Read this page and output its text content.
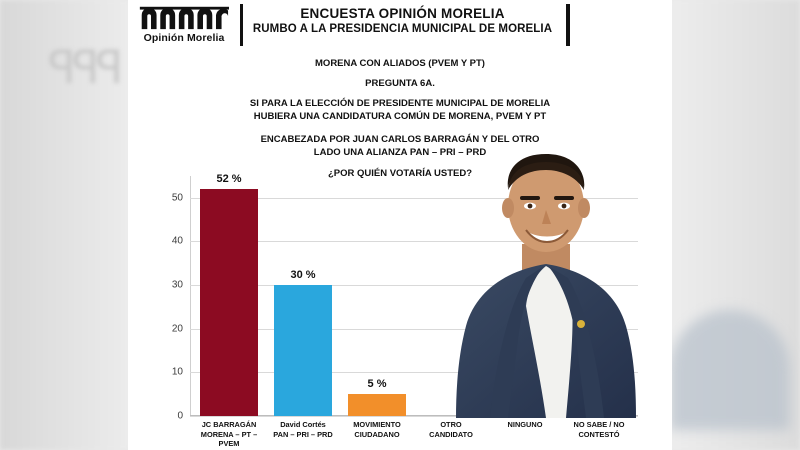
ꟼꟼꟼ
Opinión Morelia
ENCUESTA OPINIÓN MORELIA
RUMBO A LA PRESIDENCIA MUNICIPAL DE MORELIA
MORENA CON ALIADOS (PVEM Y PT)
PREGUNTA 6A.
SI PARA LA ELECCIÓN DE PRESIDENTE MUNICIPAL DE MORELIA
HUBIERA UNA CANDIDATURA COMÚN DE MORENA, PVEM Y PT
ENCABEZADA POR JUAN CARLOS BARRAGÁN Y DEL OTRO
LADO UNA ALIANZA PAN – PRI – PRD
¿POR QUIÉN VOTARÍA USTED?
0
10
20
30
40
50
52 %
30 %
5 %
JC BARRAGÁN
MORENA – PT –PVEM
David Cortés
PAN – PRI – PRD
MOVIMIENTO
CIUDADANO
OTRO
CANDIDATO
NINGUNO	NO SABE / NO
CONTESTÓ
